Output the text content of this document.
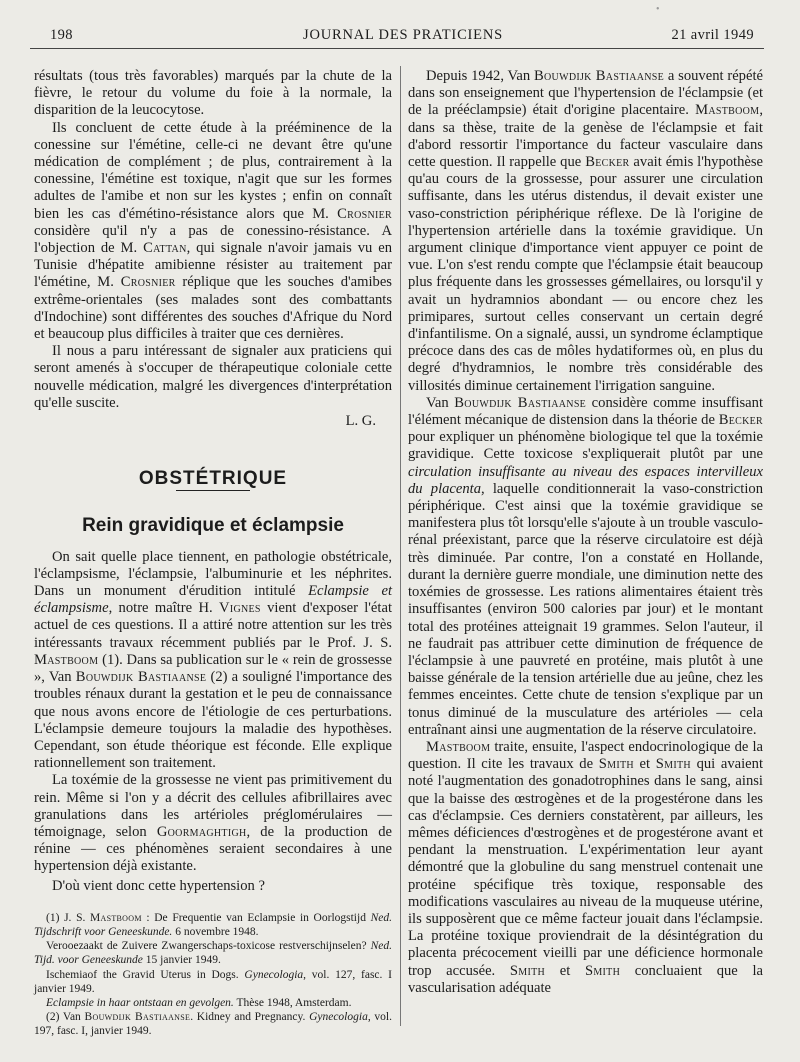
•
198	JOURNAL DES PRATICIENS	21 avril 1949

résultats (tous très favorables) marqués par la chute de la fièvre, le retour du volume du foie à la normale, la disparition de la leucocytose.

Ils concluent de cette étude à la prééminence de la conessine sur l'émétine, celle-ci ne devant être qu'une médication de complément ; de plus, contrairement à la conessine, l'émétine est toxique, n'agit que sur les formes adultes de l'amibe et non sur les kystes ; enfin on connaît bien les cas d'émétino-résistance alors que M. Crosnier considère qu'il n'y a pas de conessino-résistance. A l'objection de M. Cattan, qui signale n'avoir jamais vu en Tunisie d'hépatite amibienne résister au traitement par l'émétine, M. Crosnier réplique que les souches d'amibes extrême-orientales (ses malades sont des combattants d'Indochine) sont différentes des souches d'Afrique du Nord et beaucoup plus difficiles à traiter que ces dernières.

Il nous a paru intéressant de signaler aux praticiens qui seront amenés à s'occuper de thérapeutique coloniale cette nouvelle médication, malgré les divergences d'interprétation qu'elle suscite.

L. G.
OBSTÉTRIQUE
Rein gravidique et éclampsie

On sait quelle place tiennent, en pathologie obstétricale, l'éclampsisme, l'éclampsie, l'albuminurie et les néphrites. Dans un monument d'érudition intitulé Eclampsie et éclampsisme, notre maître H. Vignes vient d'exposer l'état actuel de ces questions. Il a attiré notre attention sur les très intéressants travaux récemment publiés par le Prof. J. S. Mastboom (1). Dans sa publication sur le « rein de grossesse », Van Bouwdijk Bastiaanse (2) a souligné l'importance des troubles rénaux durant la gestation et le peu de connaissance que nous avons encore de l'étiologie de ces perturbations. L'éclampsie demeure toujours la maladie des hypothèses. Cependant, son étude théorique est féconde. Elle explique rationnellement son traitement.

La toxémie de la grossesse ne vient pas primitivement du rein. Même si l'on y a décrit des cellules afibrillaires avec granulations dans les artérioles préglomérulaires — témoignage, selon Goormaghtigh, de la production de rénine — ces phénomènes seraient secondaires à une hypertension déjà existante.

D'où vient donc cette hypertension ?

(1) J. S. Mastboom : De Frequentie van Eclampsie in Oorlogstijd Ned. Tijdschrift voor Geneeskunde. 6 novembre 1948.

Verooezaakt de Zuivere Zwangerschaps-toxicose restverschijnselen? Ned. Tijd. voor Geneeskunde 15 janvier 1949.

Ischemiaof the Gravid Uterus in Dogs. Gynecologia, vol. 127, fasc. I janvier 1949.

Eclampsie in haar ontstaan en gevolgen. Thèse 1948, Amsterdam.

(2) Van Bouwdijk Bastiaanse. Kidney and Pregnancy. Gynecologia, vol. 197, fasc. I, janvier 1949.

Depuis 1942, Van Bouwdijk Bastiaanse a souvent répété dans son enseignement que l'hypertension de l'éclampsie (et de la prééclampsie) était d'origine placentaire. Mastboom, dans sa thèse, traite de la genèse de l'éclampsie et fait d'abord ressortir l'importance du facteur vasculaire dans cette question. Il rappelle que Becker avait émis l'hypothèse qu'au cours de la grossesse, pour assurer une circulation suffisante, dans les utérus distendus, il devait exister une vaso-constriction périphérique réflexe. De là l'origine de l'hypertension artérielle dans la toxémie gravidique. Un argument clinique d'importance vient appuyer ce point de vue. L'on s'est rendu compte que l'éclampsie était beaucoup plus fréquente dans les grossesses gémellaires, ou lorsqu'il y avait un hydramnios abondant — ou encore chez les primipares, surtout celles conservant un certain degré d'infantilisme. On a signalé, aussi, un syndrome éclamptique précoce dans des cas de môles hydatiformes où, en plus du degré d'hydramnios, le nombre très considérable des villosités diminue certainement l'irrigation sanguine.

Van Bouwdijk Bastiaanse considère comme insuffisant l'élément mécanique de distension dans la théorie de Becker pour expliquer un phénomène biologique tel que la toxémie gravidique. Cette toxicose s'expliquerait plutôt par une circulation insuffisante au niveau des espaces intervilleux du placenta, laquelle conditionnerait la vaso-constriction périphérique. C'est ainsi que la toxémie gravidique se manifestera plus tôt lorsqu'elle s'ajoute à un trouble vasculo-rénal préexistant, parce que la réserve circulatoire est déjà très diminuée. Par contre, l'on a constaté en Hollande, durant la dernière guerre mondiale, une diminution nette des toxémies de grossesse. Les rations alimentaires étaient très insuffisantes (environ 500 calories par jour) et le montant total des protéines atteignait 19 grammes. Selon l'auteur, il ne faudrait pas attribuer cette diminution de fréquence de l'éclampsie à une pauvreté en protéine, mais plutôt à une baisse générale de la tension artérielle due au jeûne, chez les femmes enceintes. Cette chute de tension s'explique par un tonus diminué de la musculature des artérioles — cela entraînant ainsi une augmentation de la réserve circulatoire.

Mastboom traite, ensuite, l'aspect endocrinologique de la question. Il cite les travaux de Smith et Smith qui avaient noté l'augmentation des gonadotrophines dans le sang, ainsi que la baisse des œstrogènes et de la progestérone dans les cas d'éclampsie. Ces derniers constatèrent, par ailleurs, les mêmes déficiences d'œstrogènes et de progestérone avant et pendant la menstruation. L'expérimentation leur ayant démontré que la globuline du sang menstruel contenait une protéine spécifique très toxique, responsable des modifications vasculaires au niveau de la muqueuse utérine, ils supposèrent que ce même facteur jouait dans l'éclampsie. La protéine toxique proviendrait de la désintégration du placenta précocement vieilli par une déficience hormonale trop accusée. Smith et Smith concluaient que la vascularisation adéquate
